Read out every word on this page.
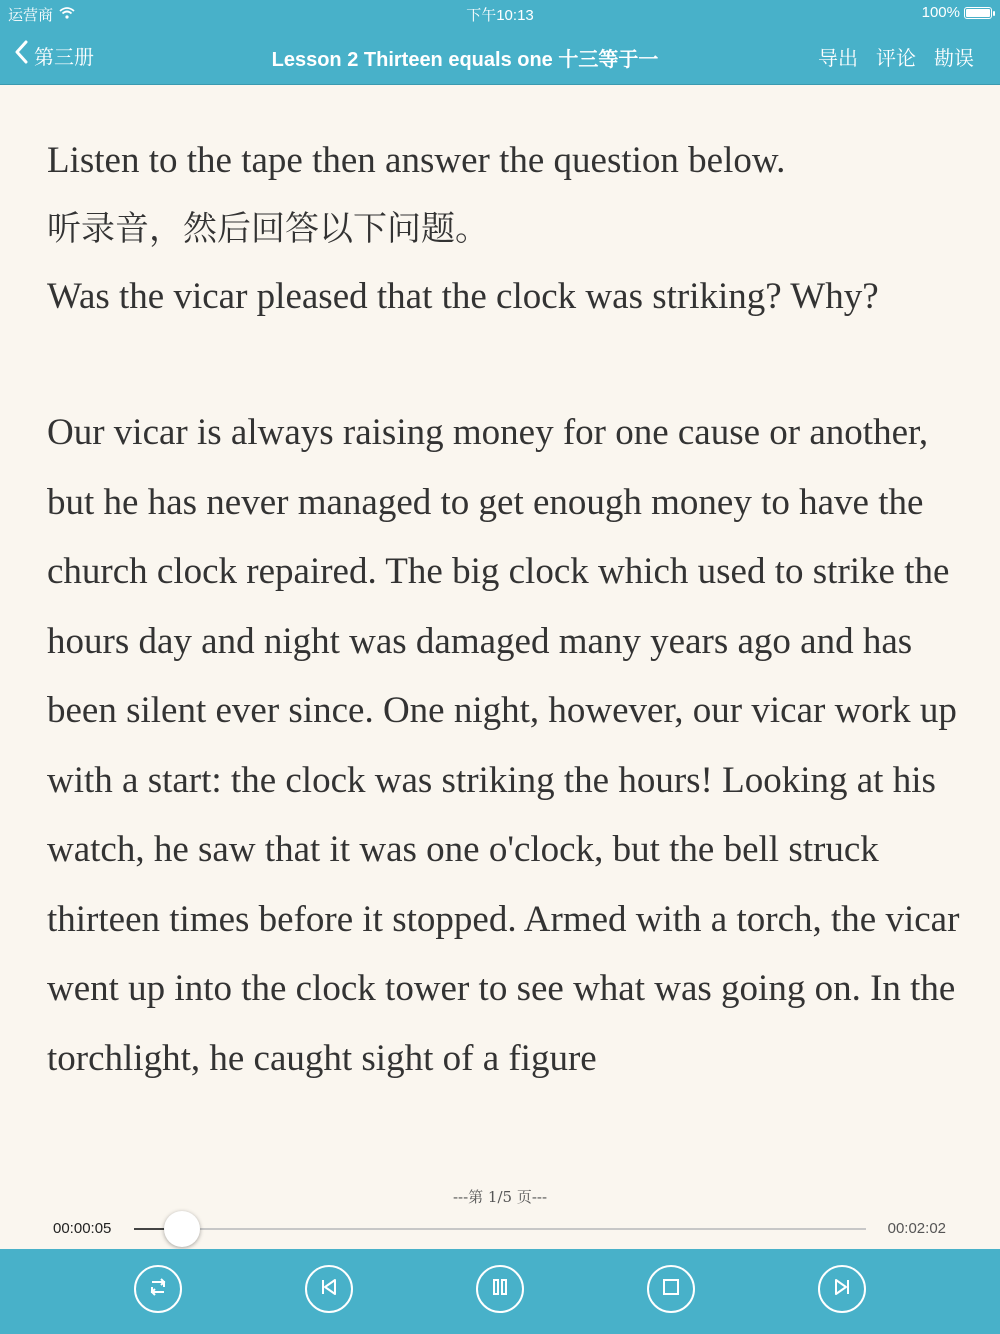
运营商	下午10:13	100%
第三册	Lesson 2 Thirteen equals one 十三等于一	导出 评论 勘误

Listen to the tape then answer the question below.

听录音，然后回答以下问题。

Was the vicar pleased that the clock was striking? Why?

Our vicar is always raising money for one cause or another, but he has never managed to get enough money to have the church clock repaired. The big clock which used to strike the hours day and night was damaged many years ago and has been silent ever since. One night, however, our vicar work up with a start: the clock was striking the hours! Looking at his watch, he saw that it was one o'clock, but the bell struck thirteen times before it stopped. Armed with a torch, the vicar went up into the clock tower to see what was going on. In the torchlight, he caught sight of a figure

---第 1/5 页---
00:00:05	00:02:02
